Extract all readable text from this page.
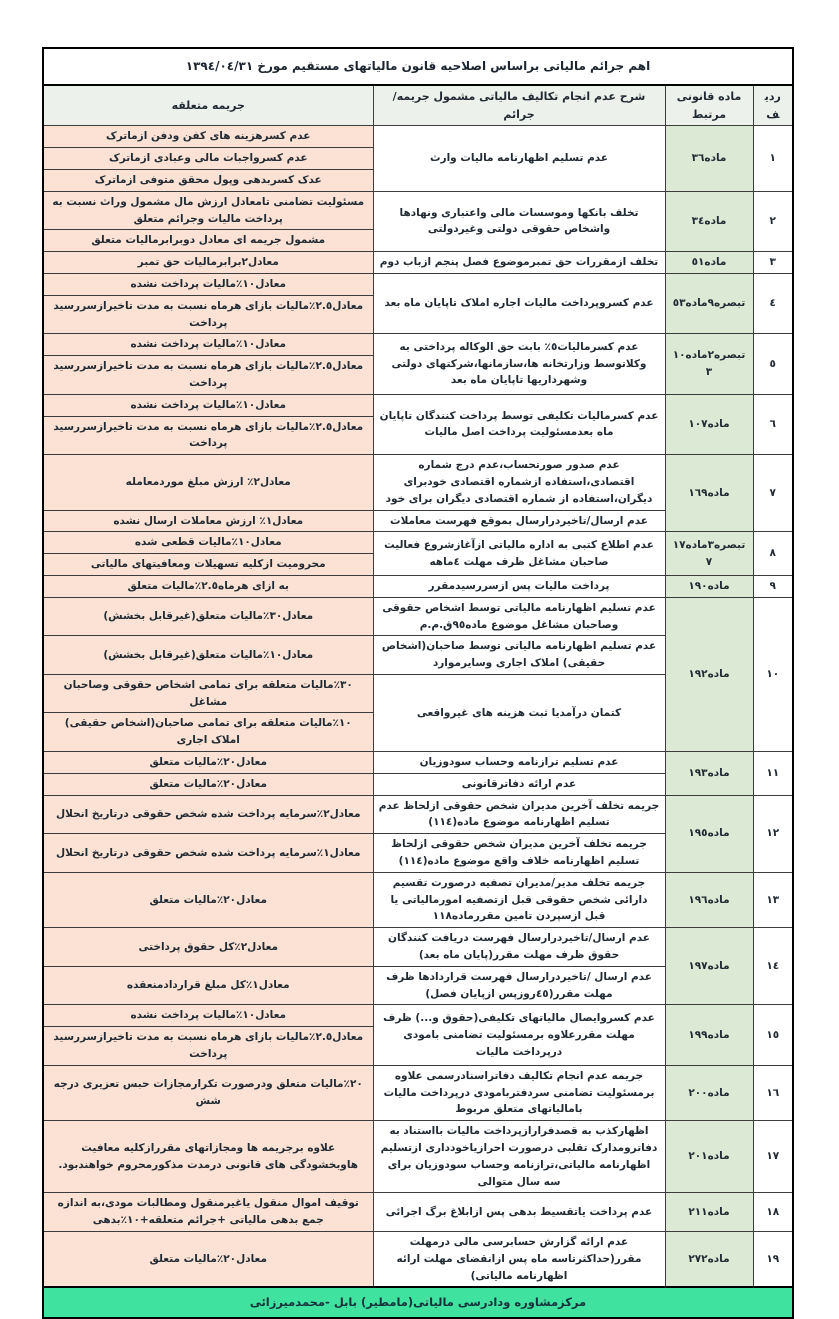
اهم جرائم مالیاتی براساس اصلاحیه قانون مالیاتهای مستقیم مورخ ١٣٩٤/٠٤/٣١			
ردیف	ماده قانونی مرتبط	شرح عدم انجام تکالیف مالیاتی مشمول جریمه/جرائم	جریمه متعلقه
١	ماده٣٦	عدم تسلیم اظهارنامه مالیات وارث	عدم کسرهزینه های کفن ودفن ازماترک
			عدم کسرواجبات مالی وعبادی ازماترک
			عدک کسربدهی وپول محقق متوفی ازماترک
٢	ماده٣٤	تخلف بانکها وموسسات مالی واعتباری ونهادها واشخاص حقوقی دولتی وغیردولتی	مسئولیت تضامنی تامعادل ارزش مال مشمول وراث نسبت به پرداخت مالیات وجرائم متعلق
			مشمول جریمه ای معادل دوبرابرمالیات متعلق
٣	ماده٥١	تخلف ازمقررات حق تمبرموضوع فصل پنجم ازباب دوم	معادل٢برابرمالیات حق تمبر
٤	تبصره٩ماده٥٣	عدم کسروپرداخت مالیات اجاره املاک تاپایان ماه بعد	معادل١٠٪مالیات پرداخت نشده
			معادل٢.٥٪مالیات بازای هرماه نسبت به مدت تاخیرازسررسید پرداخت
٥	تبصره٢ماده١٠٣	عدم کسرمالیات٥٪ بابت حق الوکاله پرداختی به وکلاتوسط وزارتخانه ها،سازمانها،شرکتهای دولتی وشهرداریها تاپایان ماه بعد	معادل١٠٪مالیات پرداخت نشده
			معادل٢.٥٪مالیات بازای هرماه نسبت به مدت تاخیرازسررسید پرداخت
٦	ماده١٠٧	عدم کسرمالیات تکلیفی توسط پرداخت کنندگان تاپایان ماه بعدمسئولیت پرداخت اصل مالیات	معادل١٠٪مالیات پرداخت نشده
			معادل٢.٥٪مالیات بازای هرماه نسبت به مدت تاخیرازسررسید پرداخت
٧	ماده١٦٩	عدم صدور صورتحساب،عدم درج شماره اقتصادی،استفاده ازشماره اقتصادی خودبرای دیگران،استفاده از شماره اقتصادی دیگران برای خود	معادل٢٪ ارزش مبلغ موردمعامله
		عدم ارسال/تاخیردرارسال بموقع فهرست معاملات	معادل١٪ ارزش معاملات ارسال نشده
٨	تبصره٣ماده١٧٧	عدم اطلاع کتبی به اداره مالیاتی ازآغازشروع فعالیت صاحبان مشاغل ظرف مهلت ٤ماهه	معادل١٠٪مالیات قطعی شده
			محرومیت ازکلیه تسهیلات ومعافیتهای مالیاتی
٩	ماده١٩٠	پرداخت مالیات پس ازسررسیدمقرر	به ازای هرماه٢.٥٪مالیات متعلق
١٠	ماده١٩٢	عدم تسلیم اظهارنامه مالیاتی توسط اشخاص حقوقی وصاحبان مشاغل موضوع ماده٩٥ق.م.م	معادل٣٠٪مالیات متعلق(غیرقابل بخشش)
		عدم تسلیم اظهارنامه مالیاتی توسط صاحبان(اشخاص حقیقی) املاک اجاری وسایرموارد	معادل١٠٪مالیات متعلق(غیرقابل بخشش)
		کتمان درآمدیا ثبت هزینه های غیرواقعی	٣٠٪مالیات متعلقه برای تمامی اشخاص حقوقی وصاحبان مشاغل
			١٠٪مالیات متعلقه برای تمامی صاحبان(اشخاص حقیقی) املاک اجاری
١١	ماده١٩٣	عدم تسلیم ترازنامه وحساب سودوزیان	معادل٢٠٪مالیات متعلق
		عدم ارائه دفاترقانونی	معادل٢٠٪مالیات متعلق
١٢	ماده١٩٥	جریمه تخلف آخرین مدیران شخص حقوقی ازلحاظ عدم تسلیم اظهارنامه موضوع ماده(١١٤)	معادل٢٪سرمایه پرداخت شده شخص حقوقی درتاریخ انحلال
		جریمه تخلف آخرین مدیران شخص حقوقی ازلحاظ تسلیم اظهارنامه خلاف واقع موضوع ماده(١١٤)	معادل١٪سرمایه پرداخت شده شخص حقوقی درتاریخ انحلال
١٣	ماده١٩٦	جریمه تخلف مدیر/مدیران تصفیه درصورت تقسیم دارائی شخص حقوقی قبل ازتصفیه امورمالیاتی یا قبل ازسپردن تامین مقررماده١١٨	معادل٢٠٪مالیات متعلق
١٤	ماده١٩٧	عدم ارسال/تاخیردرارسال فهرست دریافت کنندگان حقوق ظرف مهلت مقرر(پایان ماه بعد)	معادل٢٪کل حقوق پرداختی
		عدم ارسال /تاخیردرارسال فهرست قراردادها ظرف مهلت مقرر(٤٥روزپس ازپایان فصل)	معادل١٪کل مبلغ قراردادمنعقده
١٥	ماده١٩٩	عدم کسروایصال مالیاتهای تکلیفی(حقوق و...) ظرف مهلت مقررعلاوه برمسئولیت تضامنی بامودی درپرداخت مالیات	معادل١٠٪مالیات پرداخت نشده
			معادل٢.٥٪مالیات بازای هرماه نسبت به مدت تاخیرازسررسید پرداخت
١٦	ماده٢٠٠	جریمه عدم انجام تکالیف دفاتراسنادرسمی علاوه برمسئولیت تضامنی سردفتربامودی درپرداخت مالیات بامالیاتهای متعلق مربوط	٢٠٪مالیات متعلق ودرصورت تکرارمجازات حبس تعزیری درجه شش
١٧	ماده٢٠١	اظهارکذب به قصدفرارازپرداخت مالیات بااستناد به دفاترومدارک تقلبی درصورت احرازیاخودداری ازتسلیم اظهارنامه مالیاتی،ترازنامه وحساب سودوزیان برای سه سال متوالی	علاوه برجریمه ها ومجازاتهای مقررازکلیه معافیت هاوبخشودگی های قانونی درمدت مذکورمحروم خواهندبود.
١٨	ماده٢١١	عدم پرداخت یاتقسیط بدهی پس ازابلاغ برگ اجرائی	توقیف اموال منقول یاغیرمنقول ومطالبات مودی،به اندازه جمع بدهی مالیاتی +جرائم متعلقه+١٠٪بدهی
١٩	ماده٢٧٢	عدم ارائه گزارش حسابرسی مالی درمهلت مقرر(حداکثرتاسه ماه پس ازانقضای مهلت ارائه اظهارنامه مالیاتی)	معادل٢٠٪مالیات متعلق
مرکزمشاوره ودادرسی مالیاتی(مامطیر) بابل -محمدمیرزائی			
